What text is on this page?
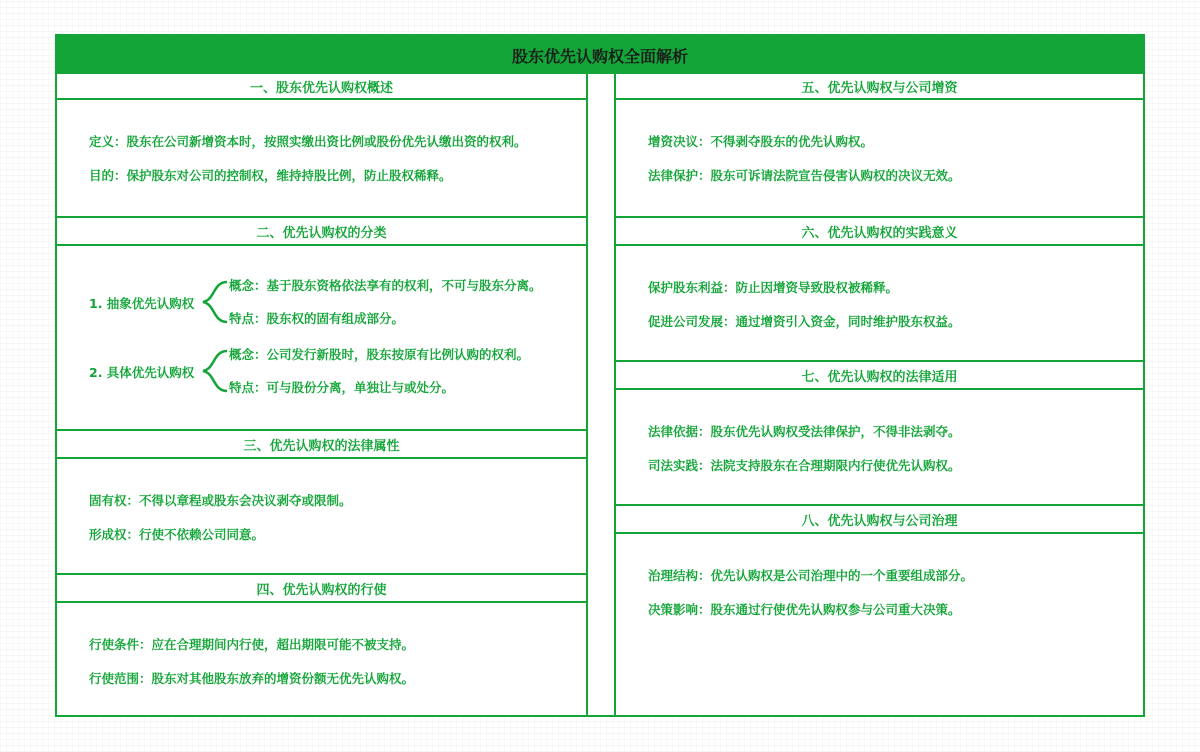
股东优先认购权全面解析
一、股东优先认购权概述
定义：股东在公司新增资本时，按照实缴出资比例或股份优先认缴出资的权利。
目的：保护股东对公司的控制权，维持持股比例，防止股权稀释。
二、优先认购权的分类
1. 抽象优先认购权
概念：基于股东资格依法享有的权利，不可与股东分离。
特点：股东权的固有组成部分。
2. 具体优先认购权
概念：公司发行新股时，股东按原有比例认购的权利。
特点：可与股份分离，单独让与或处分。
三、优先认购权的法律属性
固有权：不得以章程或股东会决议剥夺或限制。
形成权：行使不依赖公司同意。
四、优先认购权的行使
行使条件：应在合理期间内行使，超出期限可能不被支持。
行使范围：股东对其他股东放弃的增资份额无优先认购权。
五、优先认购权与公司增资
增资决议：不得剥夺股东的优先认购权。
法律保护：股东可诉请法院宣告侵害认购权的决议无效。
六、优先认购权的实践意义
保护股东利益：防止因增资导致股权被稀释。
促进公司发展：通过增资引入资金，同时维护股东权益。
七、优先认购权的法律适用
法律依据：股东优先认购权受法律保护，不得非法剥夺。
司法实践：法院支持股东在合理期限内行使优先认购权。
八、优先认购权与公司治理
治理结构：优先认购权是公司治理中的一个重要组成部分。
决策影响：股东通过行使优先认购权参与公司重大决策。
